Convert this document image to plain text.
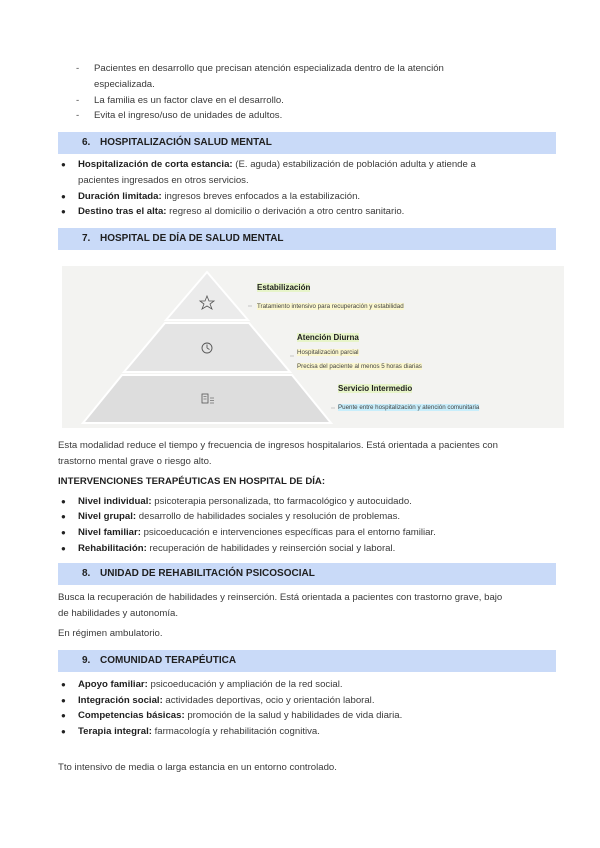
- Pacientes en desarrollo que precisan atención especializada dentro de la atención
especializada.
- La familia es un factor clave en el desarrollo.
- Evita el ingreso/uso de unidades de adultos.
6. HOSPITALIZACIÓN SALUD MENTAL
● Hospitalización de corta estancia: (E. aguda) estabilización de población adulta y atiende a
pacientes ingresados en otros servicios.
● Duración limitada: ingresos breves enfocados a la estabilización.
● Destino tras el alta: regreso al domicilio o derivación a otro centro sanitario.
7. HOSPITAL DE DÍA DE SALUD MENTAL
Estabilización
Tratamiento intensivo para recuperación y estabilidad
Atención Diurna
Hospitalización parcial
Precisa del paciente al menos 5 horas diarias
Servicio Intermedio
Puente entre hospitalización y atención comunitaria
Esta modalidad reduce el tiempo y frecuencia de ingresos hospitalarios. Está orientada a pacientes con
trastorno mental grave o riesgo alto.
INTERVENCIONES TERAPÉUTICAS EN HOSPITAL DE DÍA:
● Nivel individual: psicoterapia personalizada, tto farmacológico y autocuidado.
● Nivel grupal: desarrollo de habilidades sociales y resolución de problemas.
● Nivel familiar: psicoeducación e intervenciones específicas para el entorno familiar.
● Rehabilitación: recuperación de habilidades y reinserción social y laboral.
8. UNIDAD DE REHABILITACIÓN PSICOSOCIAL
Busca la recuperación de habilidades y reinserción. Está orientada a pacientes con trastorno grave, bajo
de habilidades y autonomía.
En régimen ambulatorio.
9. COMUNIDAD TERAPÉUTICA
● Apoyo familiar: psicoeducación y ampliación de la red social.
● Integración social: actividades deportivas, ocio y orientación laboral.
● Competencias básicas: promoción de la salud y habilidades de vida diaria.
● Terapia integral: farmacología y rehabilitación cognitiva.
Tto intensivo de media o larga estancia en un entorno controlado.
